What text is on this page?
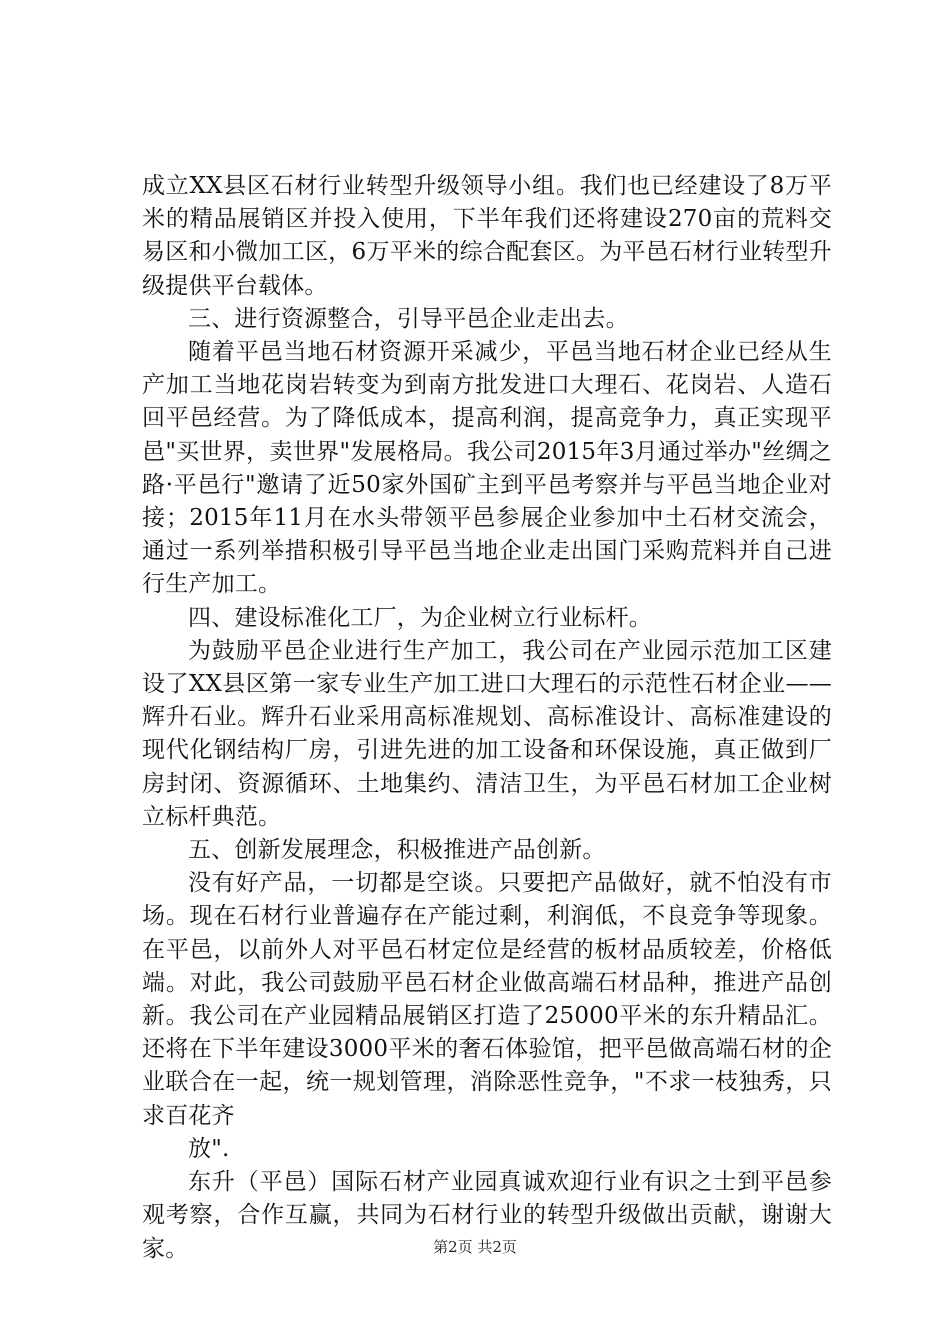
成立XX县区石材行业转型升级领导小组。我们也已经建设了8万平米的精品展销区并投入使用，下半年我们还将建设270亩的荒料交易区和小微加工区，6万平米的综合配套区。为平邑石材行业转型升级提供平台载体。

三、进行资源整合，引导平邑企业走出去。

随着平邑当地石材资源开采减少，平邑当地石材企业已经从生产加工当地花岗岩转变为到南方批发进口大理石、花岗岩、人造石回平邑经营。为了降低成本，提高利润，提高竞争力，真正实现平邑"买世界，卖世界"发展格局。我公司2015年3月通过举办"丝绸之路·平邑行"邀请了近50家外国矿主到平邑考察并与平邑当地企业对接；2015年11月在水头带领平邑参展企业参加中土石材交流会，通过一系列举措积极引导平邑当地企业走出国门采购荒料并自己进行生产加工。

四、建设标准化工厂，为企业树立行业标杆。

为鼓励平邑企业进行生产加工，我公司在产业园示范加工区建设了XX县区第一家专业生产加工进口大理石的示范性石材企业——辉升石业。辉升石业采用高标准规划、高标准设计、高标准建设的现代化钢结构厂房，引进先进的加工设备和环保设施，真正做到厂房封闭、资源循环、土地集约、清洁卫生，为平邑石材加工企业树立标杆典范。

五、创新发展理念，积极推进产品创新。

没有好产品，一切都是空谈。只要把产品做好，就不怕没有市场。现在石材行业普遍存在产能过剩，利润低，不良竞争等现象。在平邑，以前外人对平邑石材定位是经营的板材品质较差，价格低端。对此，我公司鼓励平邑石材企业做高端石材品种，推进产品创新。我公司在产业园精品展销区打造了25000平米的东升精品汇。还将在下半年建设3000平米的奢石体验馆，把平邑做高端石材的企业联合在一起，统一规划管理，消除恶性竞争，"不求一枝独秀，只求百花齐

放".

东升（平邑）国际石材产业园真诚欢迎行业有识之士到平邑参观考察，合作互赢，共同为石材行业的转型升级做出贡献，谢谢大家。	第2页 共2页
